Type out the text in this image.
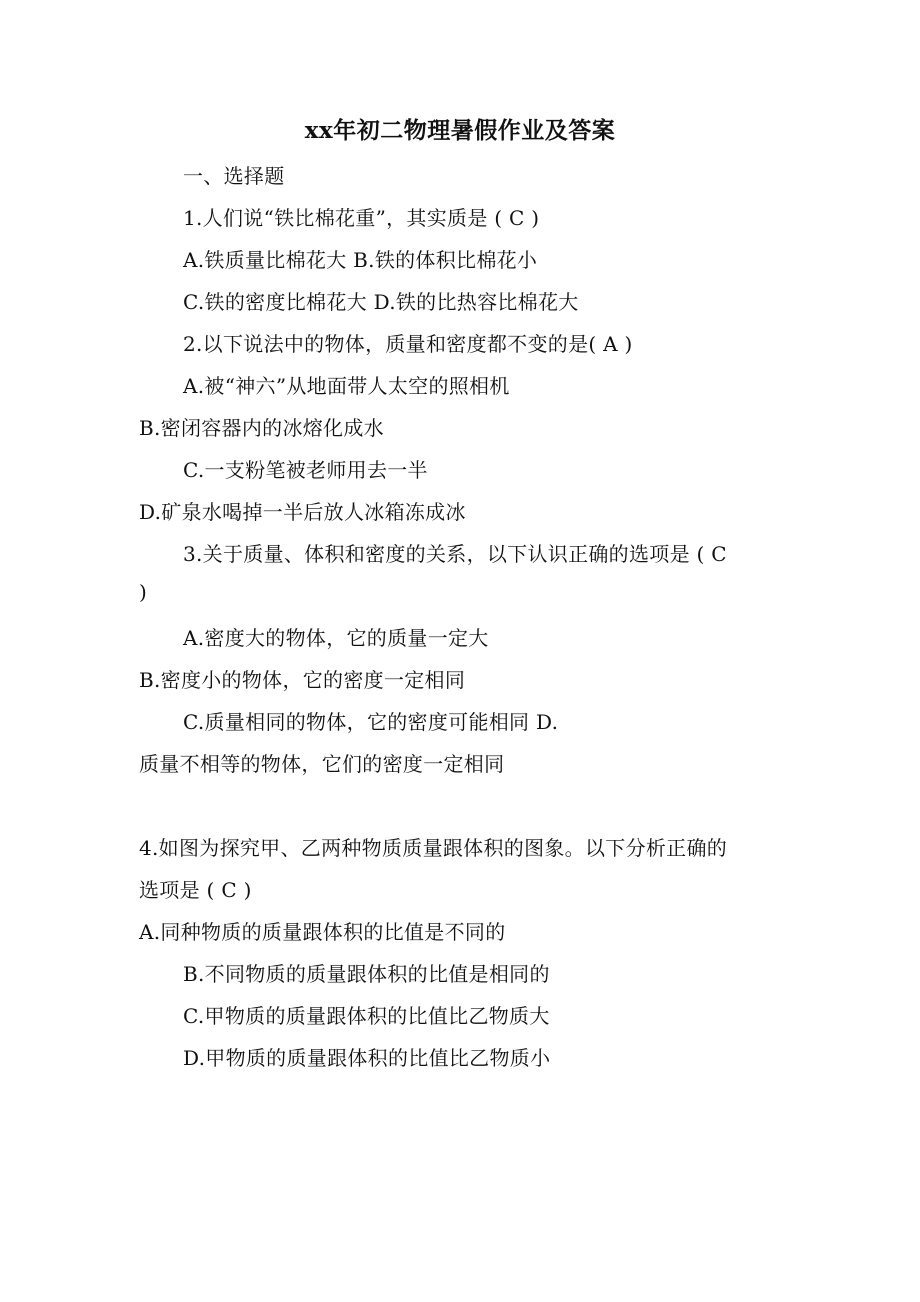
xx年初二物理暑假作业及答案
一、选择题
1.人们说“铁比棉花重”，其实质是 ( C )
A.铁质量比棉花大 B.铁的体积比棉花小
C.铁的密度比棉花大 D.铁的比热容比棉花大
2.以下说法中的物体，质量和密度都不变的是( A )
A.被“神六”从地面带人太空的照相机
B.密闭容器内的冰熔化成水
C.一支粉笔被老师用去一半
D.矿泉水喝掉一半后放人冰箱冻成冰
3.关于质量、体积和密度的关系，以下认识正确的选项是 ( C
)
A.密度大的物体，它的质量一定大
B.密度小的物体，它的密度一定相同
C.质量相同的物体，它的密度可能相同 D.
质量不相等的物体，它们的密度一定相同
4.如图为探究甲、乙两种物质质量跟体积的图象。以下分析正确的
选项是 ( C )
A.同种物质的质量跟体积的比值是不同的
B.不同物质的质量跟体积的比值是相同的
C.甲物质的质量跟体积的比值比乙物质大
D.甲物质的质量跟体积的比值比乙物质小
